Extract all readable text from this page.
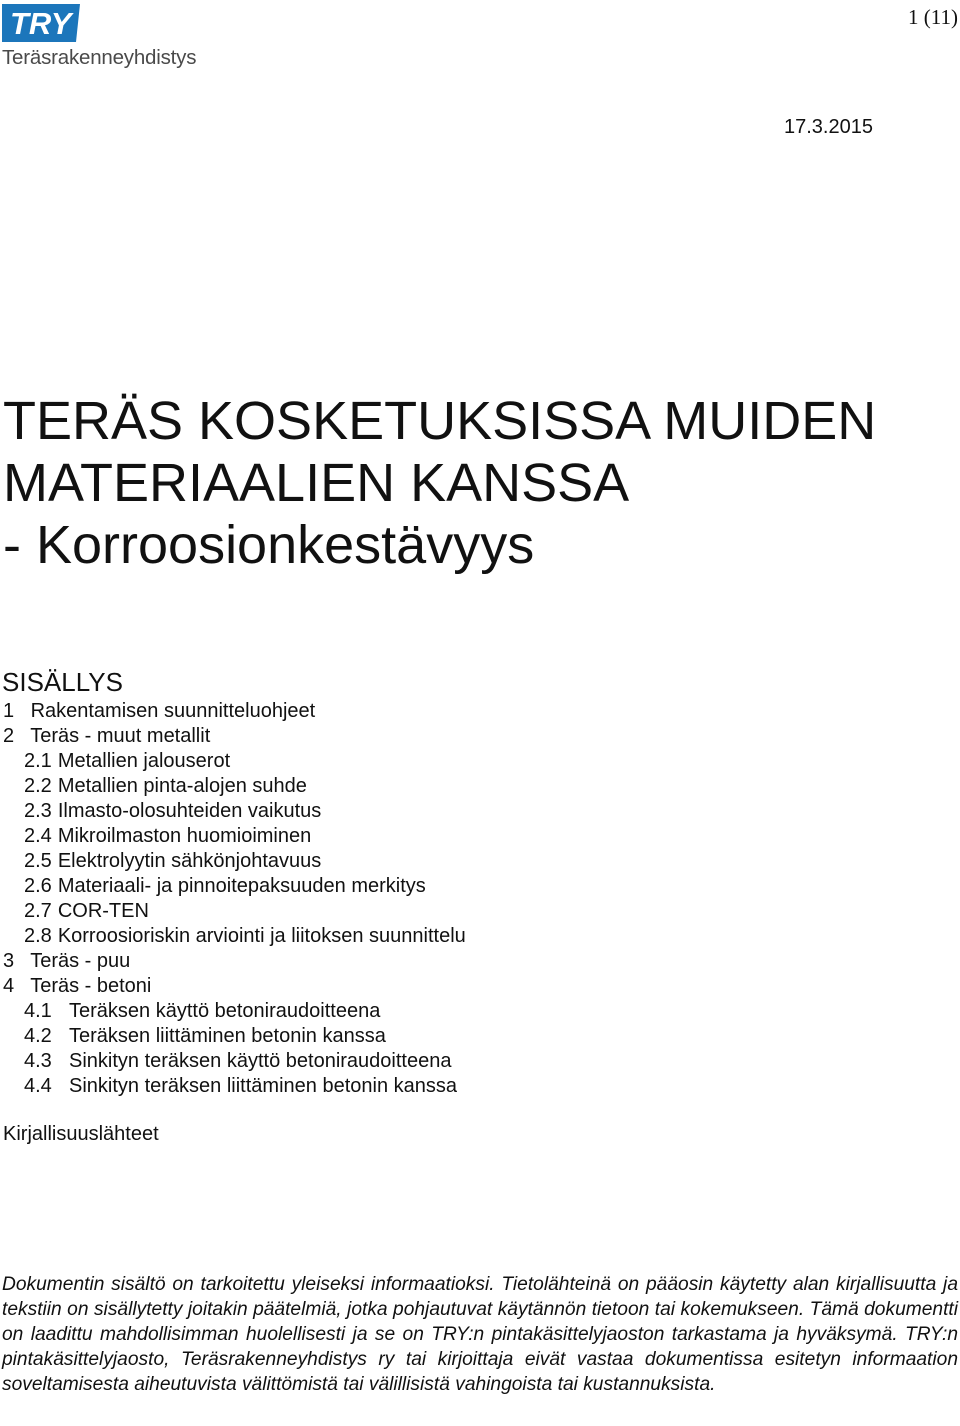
TRY
Teräsrakenneyhdistys
1 (11)
17.3.2015
TERÄS KOSKETUKSISSA MUIDEN
MATERIAALIEN KANSSA
- Korroosionkestävyys
SISÄLLYS
1 Rakentamisen suunnitteluohjeet
2 Teräs - muut metallit
2.1 Metallien jalouserot
2.2 Metallien pinta-alojen suhde
2.3 Ilmasto-olosuhteiden vaikutus
2.4 Mikroilmaston huomioiminen
2.5 Elektrolyytin sähkönjohtavuus
2.6 Materiaali- ja pinnoitepaksuuden merkitys
2.7 COR-TEN
2.8 Korroosioriskin arviointi ja liitoksen suunnittelu
3 Teräs - puu
4 Teräs - betoni
4.1 Teräksen käyttö betoniraudoitteena
4.2 Teräksen liittäminen betonin kanssa
4.3 Sinkityn teräksen käyttö betoniraudoitteena
4.4 Sinkityn teräksen liittäminen betonin kanssa
Kirjallisuuslähteet

Dokumentin sisältö on tarkoitettu yleiseksi informaatioksi. Tietolähteinä on pääosin käytetty alan kirjallisuutta ja tekstiin on sisällytetty joitakin päätelmiä, jotka pohjautuvat käytännön tietoon tai kokemukseen. Tämä dokumentti on laadittu mahdollisimman huolellisesti ja se on TRY:n pintakäsittelyjaoston tarkastama ja hyväksymä. TRY:n pintakäsittelyjaosto, Teräsrakenneyhdistys ry tai kirjoittaja eivät vastaa dokumentissa esitetyn informaation soveltamisesta aiheutuvista välittömistä tai välillisistä vahingoista tai kustannuksista.
